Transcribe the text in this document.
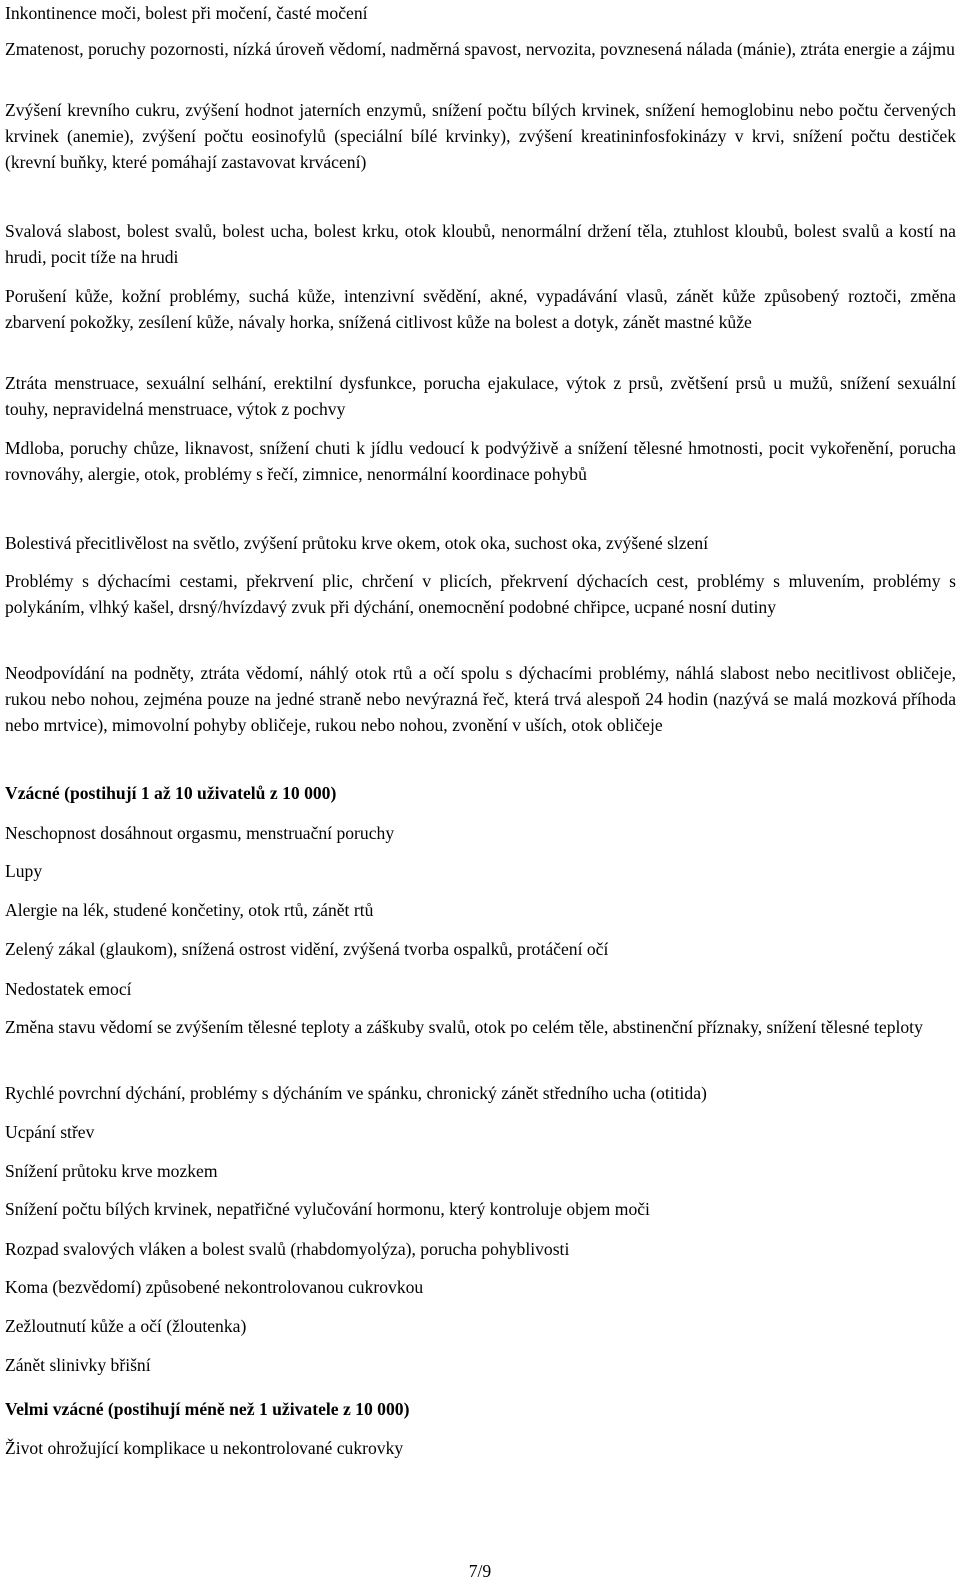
Inkontinence moči, bolest při močení, časté močení

Zmatenost, poruchy pozornosti, nízká úroveň vědomí, nadměrná spavost, nervozita, povznesená nálada (mánie), ztráta energie a zájmu

Zvýšení krevního cukru, zvýšení hodnot jaterních enzymů, snížení počtu bílých krvinek, snížení hemoglobinu nebo počtu červených krvinek (anemie), zvýšení počtu eosinofylů (speciální bílé krvinky), zvýšení kreatininfosfokinázy v krvi, snížení počtu destiček (krevní buňky, které pomáhají zastavovat krvácení)

Svalová slabost, bolest svalů, bolest ucha, bolest krku, otok kloubů, nenormální držení těla, ztuhlost kloubů, bolest svalů a kostí na hrudi, pocit tíže na hrudi

Porušení kůže, kožní problémy, suchá kůže, intenzivní svědění, akné, vypadávání vlasů, zánět kůže způsobený roztoči, změna zbarvení pokožky, zesílení kůže, návaly horka, snížená citlivost kůže na bolest a dotyk, zánět mastné kůže

Ztráta menstruace, sexuální selhání, erektilní dysfunkce, porucha ejakulace, výtok z prsů, zvětšení prsů u mužů, snížení sexuální touhy, nepravidelná menstruace, výtok z pochvy

Mdloba, poruchy chůze, liknavost, snížení chuti k jídlu vedoucí k podvýživě a snížení tělesné hmotnosti, pocit vykořenění, porucha rovnováhy, alergie, otok, problémy s řečí, zimnice, nenormální koordinace pohybů

Bolestivá přecitlivělost na světlo, zvýšení průtoku krve okem, otok oka, suchost oka, zvýšené slzení

Problémy s dýchacími cestami, překrvení plic, chrčení v plicích, překrvení dýchacích cest, problémy s mluvením, problémy s polykáním, vlhký kašel, drsný/hvízdavý zvuk při dýchání, onemocnění podobné chřipce, ucpané nosní dutiny

Neodpovídání na podněty, ztráta vědomí, náhlý otok rtů a očí spolu s dýchacími problémy, náhlá slabost nebo necitlivost obličeje, rukou nebo nohou, zejména pouze na jedné straně nebo nevýrazná řeč, která trvá alespoň 24 hodin (nazývá se malá mozková příhoda nebo mrtvice), mimovolní pohyby obličeje, rukou nebo nohou, zvonění v uších, otok obličeje

Vzácné (postihují 1 až 10 uživatelů z 10 000)

Neschopnost dosáhnout orgasmu, menstruační poruchy

Lupy

Alergie na lék, studené končetiny, otok rtů, zánět rtů

Zelený zákal (glaukom), snížená ostrost vidění, zvýšená tvorba ospalků, protáčení očí

Nedostatek emocí

Změna stavu vědomí se zvýšením tělesné teploty a záškuby svalů, otok po celém těle, abstinenční příznaky, snížení tělesné teploty

Rychlé povrchní dýchání, problémy s dýcháním ve spánku, chronický zánět středního ucha (otitida)

Ucpání střev

Snížení průtoku krve mozkem

Snížení počtu bílých krvinek, nepatřičné vylučování hormonu, který kontroluje objem moči

Rozpad svalových vláken a bolest svalů (rhabdomyolýza), porucha pohyblivosti

Koma (bezvědomí) způsobené nekontrolovanou cukrovkou

Zežloutnutí kůže a očí (žloutenka)

Zánět slinivky břišní

Velmi vzácné (postihují méně než 1 uživatele z 10 000)

Život ohrožující komplikace u nekontrolované cukrovky

7/9
